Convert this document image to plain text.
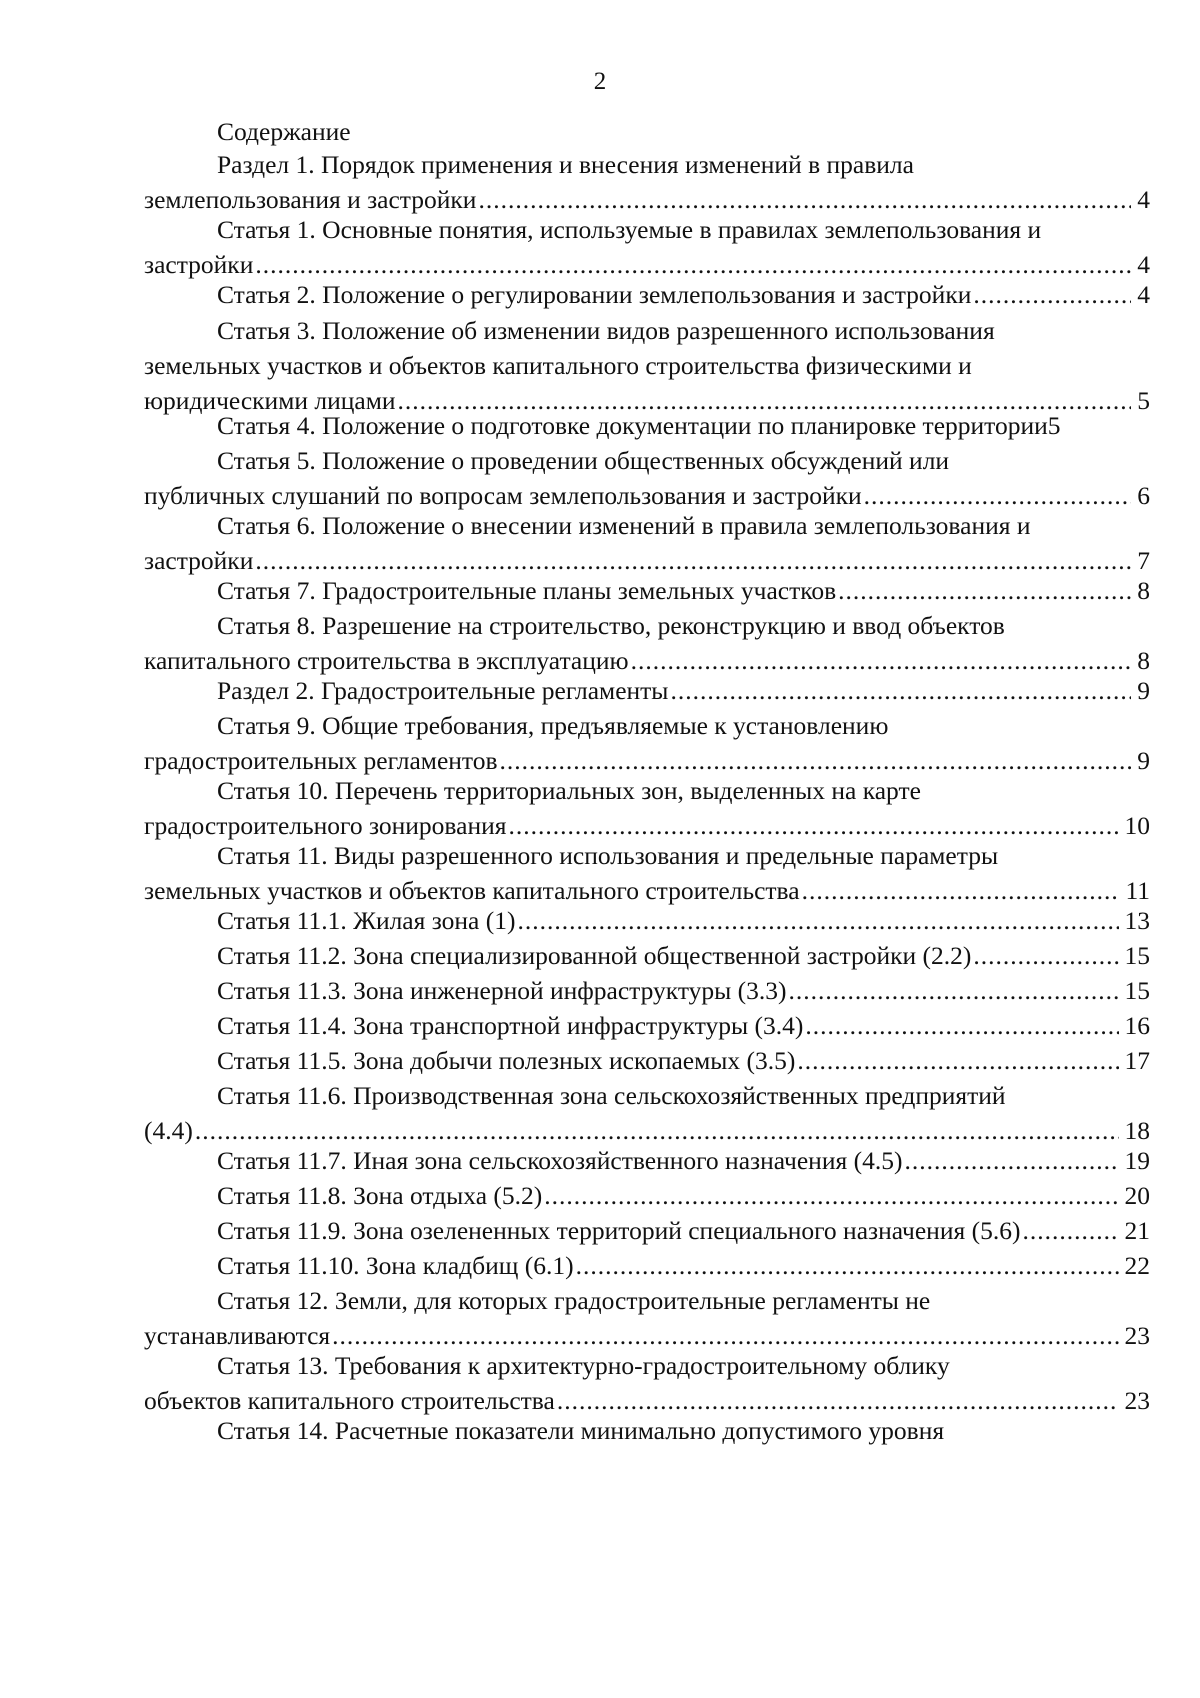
2
Содержание
Раздел 1. Порядок применения и внесения изменений в правила
землепользования и застройки .....	4
Статья 1. Основные понятия, используемые в правилах землепользования и
застройки .....	4
Статья 2. Положение о регулировании землепользования и застройки .....	4
Статья 3. Положение об изменении видов разрешенного использования
земельных участков и объектов капитального строительства физическими и
юридическими лицами .....	5
Статья 4. Положение о подготовке документации по планировке территории 5
Статья 5. Положение о проведении общественных обсуждений или
публичных слушаний по вопросам землепользования и застройки .....	6
Статья 6. Положение о внесении изменений в правила землепользования и
застройки .....	7
Статья 7. Градостроительные планы земельных участков .....	8
Статья 8. Разрешение на строительство, реконструкцию и ввод объектов
капитального строительства в эксплуатацию .....	8
Раздел 2. Градостроительные регламенты .....	9
Статья 9. Общие требования, предъявляемые к установлению
градостроительных регламентов .....	9
Статья 10. Перечень территориальных зон, выделенных на карте
градостроительного зонирования .....	10
Статья 11. Виды разрешенного использования и предельные параметры
земельных участков и объектов капитального строительства .....	11
Статья 11.1. Жилая зона (1) .....	13
Статья 11.2. Зона специализированной общественной застройки (2.2) .....	15
Статья 11.3. Зона инженерной инфраструктуры (3.3) .....	15
Статья 11.4. Зона транспортной инфраструктуры (3.4) .....	16
Статья 11.5. Зона добычи полезных ископаемых (3.5) .....	17
Статья 11.6. Производственная зона сельскохозяйственных предприятий
(4.4) .....	18
Статья 11.7. Иная зона сельскохозяйственного назначения (4.5) .....	19
Статья 11.8. Зона отдыха (5.2) .....	20
Статья 11.9. Зона озелененных территорий специального назначения (5.6) .....	21
Статья 11.10. Зона кладбищ (6.1) .....	22
Статья 12. Земли, для которых градостроительные регламенты не
устанавливаются .....	23
Статья 13. Требования к архитектурно-градостроительному облику
объектов капитального строительства .....	23
Статья 14. Расчетные показатели минимально допустимого уровня
